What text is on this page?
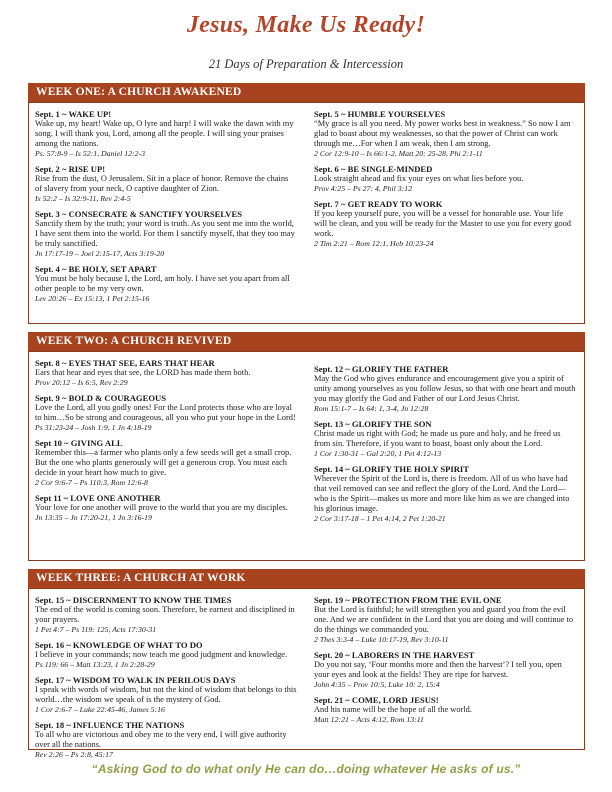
Jesus, Make Us Ready!
21 Days of Preparation & Intercession
WEEK ONE: A CHURCH AWAKENED
Sept. 1 ~ WAKE UP!
Wake up, my heart! Wake up, O lyre and harp! I will wake the dawn with my song. I will thank you, Lord, among all the people. I will sing your praises among the nations.
Ps. 57:8-9 – Is 52:1, Daniel 12:2-3
Sept. 2 ~ RISE UP!
Rise from the dust, O Jerusalem. Sit in a place of honor. Remove the chains of slavery from your neck, O captive daughter of Zion.
Is 52:2 – Is 32:9-11, Rev 2:4-5
Sept. 3 ~ CONSECRATE & SANCTIFY YOURSELVES
Sanctify them by the truth; your word is truth. As you sent me into the world, I have sent them into the world. For them I sanctify myself, that they too may be truly sanctified.
Jn 17:17-19 – Joel 2:15-17, Acts 3:19-20
Sept. 4 ~ BE HOLY, SET APART
You must be holy because I, the Lord, am holy. I have set you apart from all other people to be my very own.
Lev 20:26 – Ex 15:13, 1 Pet 2:15-16
Sept. 5 ~ HUMBLE YOURSELVES
“My grace is all you need. My power works best in weakness.” So now I am glad to boast about my weaknesses, so that the power of Christ can work through me…For when I am weak, then I am strong.
2 Cor 12:9-10 – Is 66:1-2, Matt 20: 25-28, Phi 2:1-11
Sept. 6 ~ BE SINGLE-MINDED
Look straight ahead and fix your eyes on what lies before you.
Prov 4:25 – Ps 27: 4, Phil 3:12
Sept. 7 ~ GET READY TO WORK
If you keep yourself pure, you will be a vessel for honorable use. Your life will be clean, and you will be ready for the Master to use you for every good work.
2 Tim 2:21 – Rom 12:1, Heb 10:23-24
WEEK TWO: A CHURCH REVIVED
Sept. 8 ~ EYES THAT SEE, EARS THAT HEAR
Ears that hear and eyes that see, the LORD has made them both.
Prov 20:12 – Is 6:5, Rev 2:29
Sept. 9 ~ BOLD & COURAGEOUS
Love the Lord, all you godly ones! For the Lord protects those who are loyal to him…So be strong and courageous, all you who put your hope in the Lord!
Ps 31:23-24 – Josh 1:9, 1 Jn 4:18-19
Sept 10 ~ GIVING ALL
Remember this—a farmer who plants only a few seeds will get a small crop. But the one who plants generously will get a generous crop. You must each decide in your heart how much to give.
2 Cor 9:6-7 – Ps 110:3, Rom 12:6-8
Sept 11 ~ LOVE ONE ANOTHER
Your love for one another will prove to the world that you are my disciples.
Jn 13:35 – Jn 17:20-21, 1 Jn 3:16-19
Sept. 12 ~ GLORIFY THE FATHER
May the God who gives endurance and encouragement give you a spirit of unity among yourselves as you follow Jesus, so that with one heart and mouth you may glorify the God and Father of our Lord Jesus Christ.
Rom 15:1-7 – Is 64: 1, 3-4, Jn 12:28
Sept. 13 ~ GLORIFY THE SON
Christ made us right with God; he made us pure and holy, and he freed us from sin. Therefore, if you want to boast, boast only about the Lord.
1 Cor 1:30-31 – Gal 2:20, 1 Pet 4:12-13
Sept. 14 ~ GLORIFY THE HOLY SPIRIT
Wherever the Spirit of the Lord is, there is freedom. All of us who have had that veil removed can see and reflect the glory of the Lord. And the Lord—who is the Spirit—makes us more and more like him as we are changed into his glorious image.
2 Cor 3:17-18 – 1 Pet 4:14, 2 Pet 1:20-21
WEEK THREE: A CHURCH AT WORK
Sept. 15 ~ DISCERNMENT TO KNOW THE TIMES
The end of the world is coming soon. Therefore, be earnest and disciplined in your prayers.
1 Pet 4:7 – Ps 119: 125, Acts 17:30-31
Sept. 16 ~ KNOWLEDGE OF WHAT TO DO
I believe in your commands; now teach me good judgment and knowledge.
Ps 119: 66 – Matt 13:23, 1 Jn 2:28-29
Sept. 17 ~ WISDOM TO WALK IN PERILOUS DAYS
I speak with words of wisdom, but not the kind of wisdom that belongs to this world…the wisdom we speak of is the mystery of God.
1 Cor 2:6-7 – Luke 22:45-46, James 5:16
Sept. 18 ~ INFLUENCE THE NATIONS
To all who are victorious and obey me to the very end, I will give authority over all the nations.
Rev 2:26 – Ps 2:8, 45:17
Sept. 19 ~ PROTECTION FROM THE EVIL ONE
But the Lord is faithful; he will strengthen you and guard you from the evil one. And we are confident in the Lord that you are doing and will continue to do the things we commanded you.
2 Thes 3:3-4 – Luke 10:17-19, Rev 3:10-11
Sept. 20 ~ LABORERS IN THE HARVEST
Do you not say, ‘Four months more and then the harvest’? I tell you, open your eyes and look at the fields! They are ripe for harvest.
John 4:35 – Prov 10:5, Luke 10: 2, 15:4
Sept. 21 ~ COME, LORD JESUS!
And his name will be the hope of all the world.
Matt 12:21 – Acts 4:12, Rom 13:11
“Asking God to do what only He can do…doing whatever He asks of us.”
